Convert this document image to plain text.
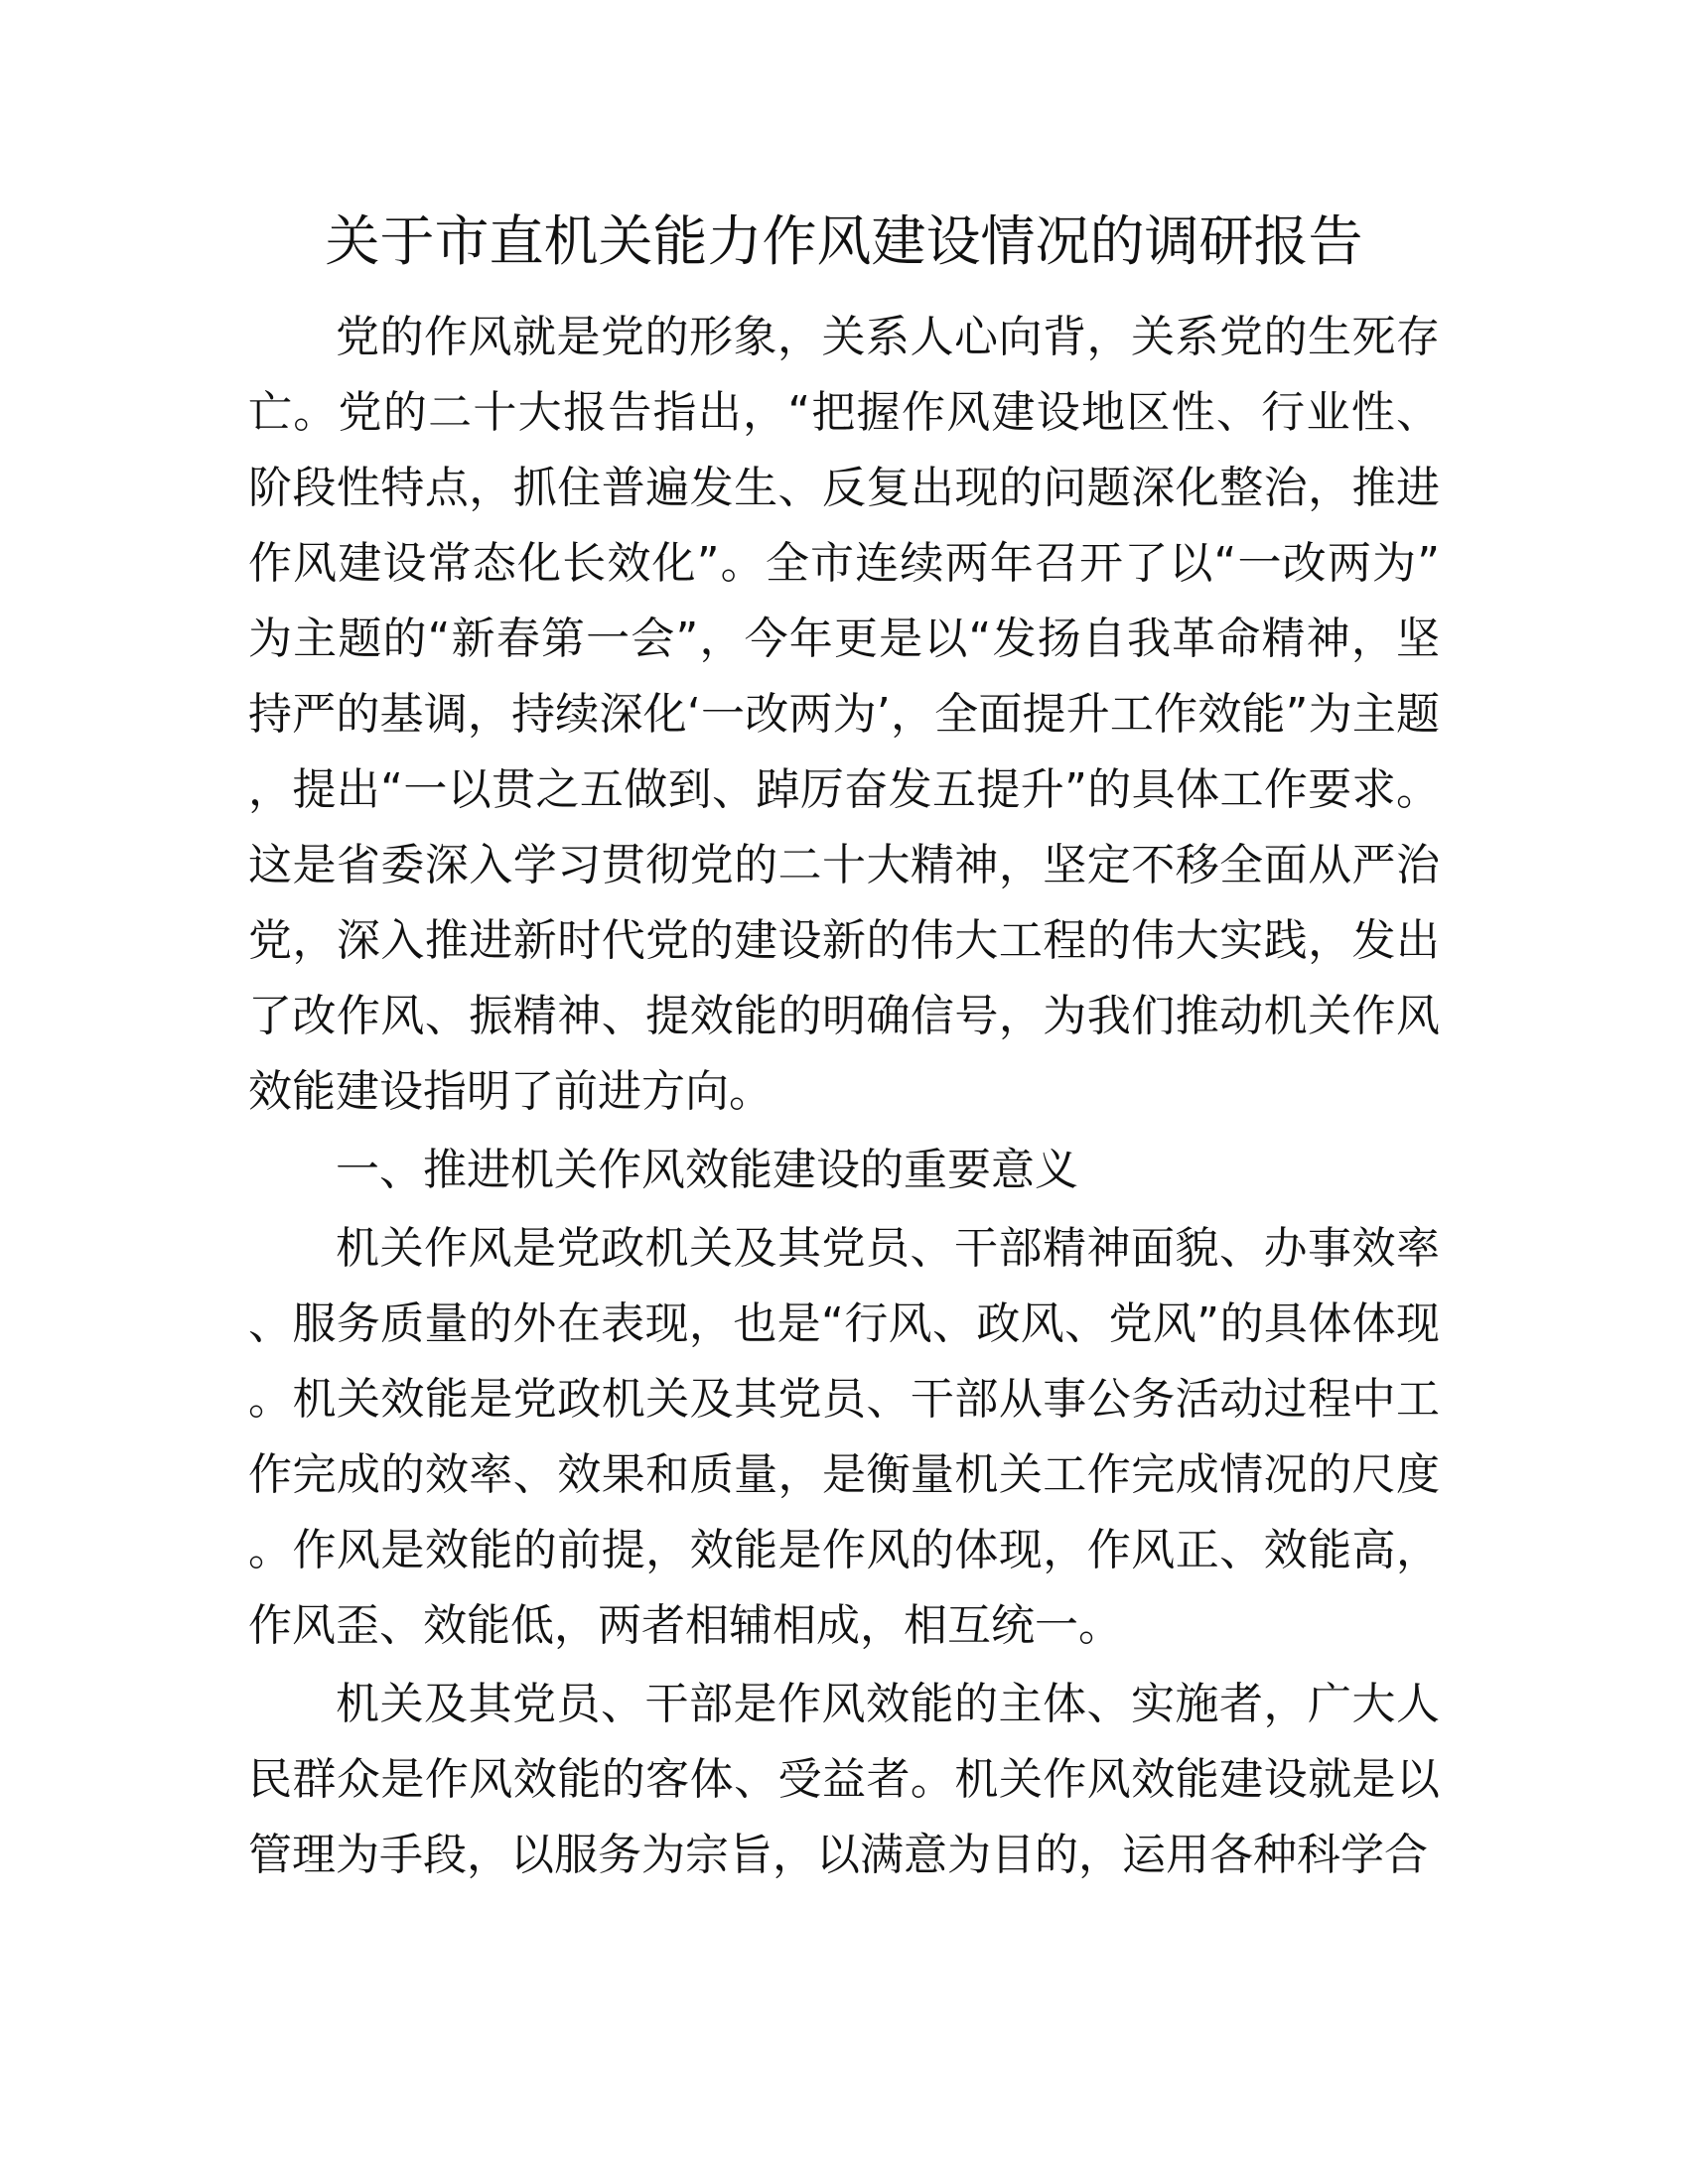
关于市直机关能力作风建设情况的调研报告

党的作风就是党的形象，关系人心向背，关系党的生死存亡。党的二十大报告指出，“把握作风建设地区性、行业性、阶段性特点，抓住普遍发生、反复出现的问题深化整治，推进作风建设常态化长效化”。全市连续两年召开了以“一改两为”为主题的“新春第一会”，今年更是以“发扬自我革命精神，坚持严的基调，持续深化‘一改两为’，全面提升工作效能”为主题，提出“一以贯之五做到、踔厉奋发五提升”的具体工作要求。这是省委深入学习贯彻党的二十大精神，坚定不移全面从严治党，深入推进新时代党的建设新的伟大工程的伟大实践，发出了改作风、振精神、提效能的明确信号，为我们推动机关作风效能建设指明了前进方向。

一、推进机关作风效能建设的重要意义

机关作风是党政机关及其党员、干部精神面貌、办事效率、服务质量的外在表现，也是“行风、政风、党风”的具体体现。机关效能是党政机关及其党员、干部从事公务活动过程中工作完成的效率、效果和质量，是衡量机关工作完成情况的尺度。作风是效能的前提，效能是作风的体现，作风正、效能高，作风歪、效能低，两者相辅相成，相互统一。

机关及其党员、干部是作风效能的主体、实施者，广大人民群众是作风效能的客体、受益者。机关作风效能建设就是以管理为手段，以服务为宗旨，以满意为目的，运用各种科学合
